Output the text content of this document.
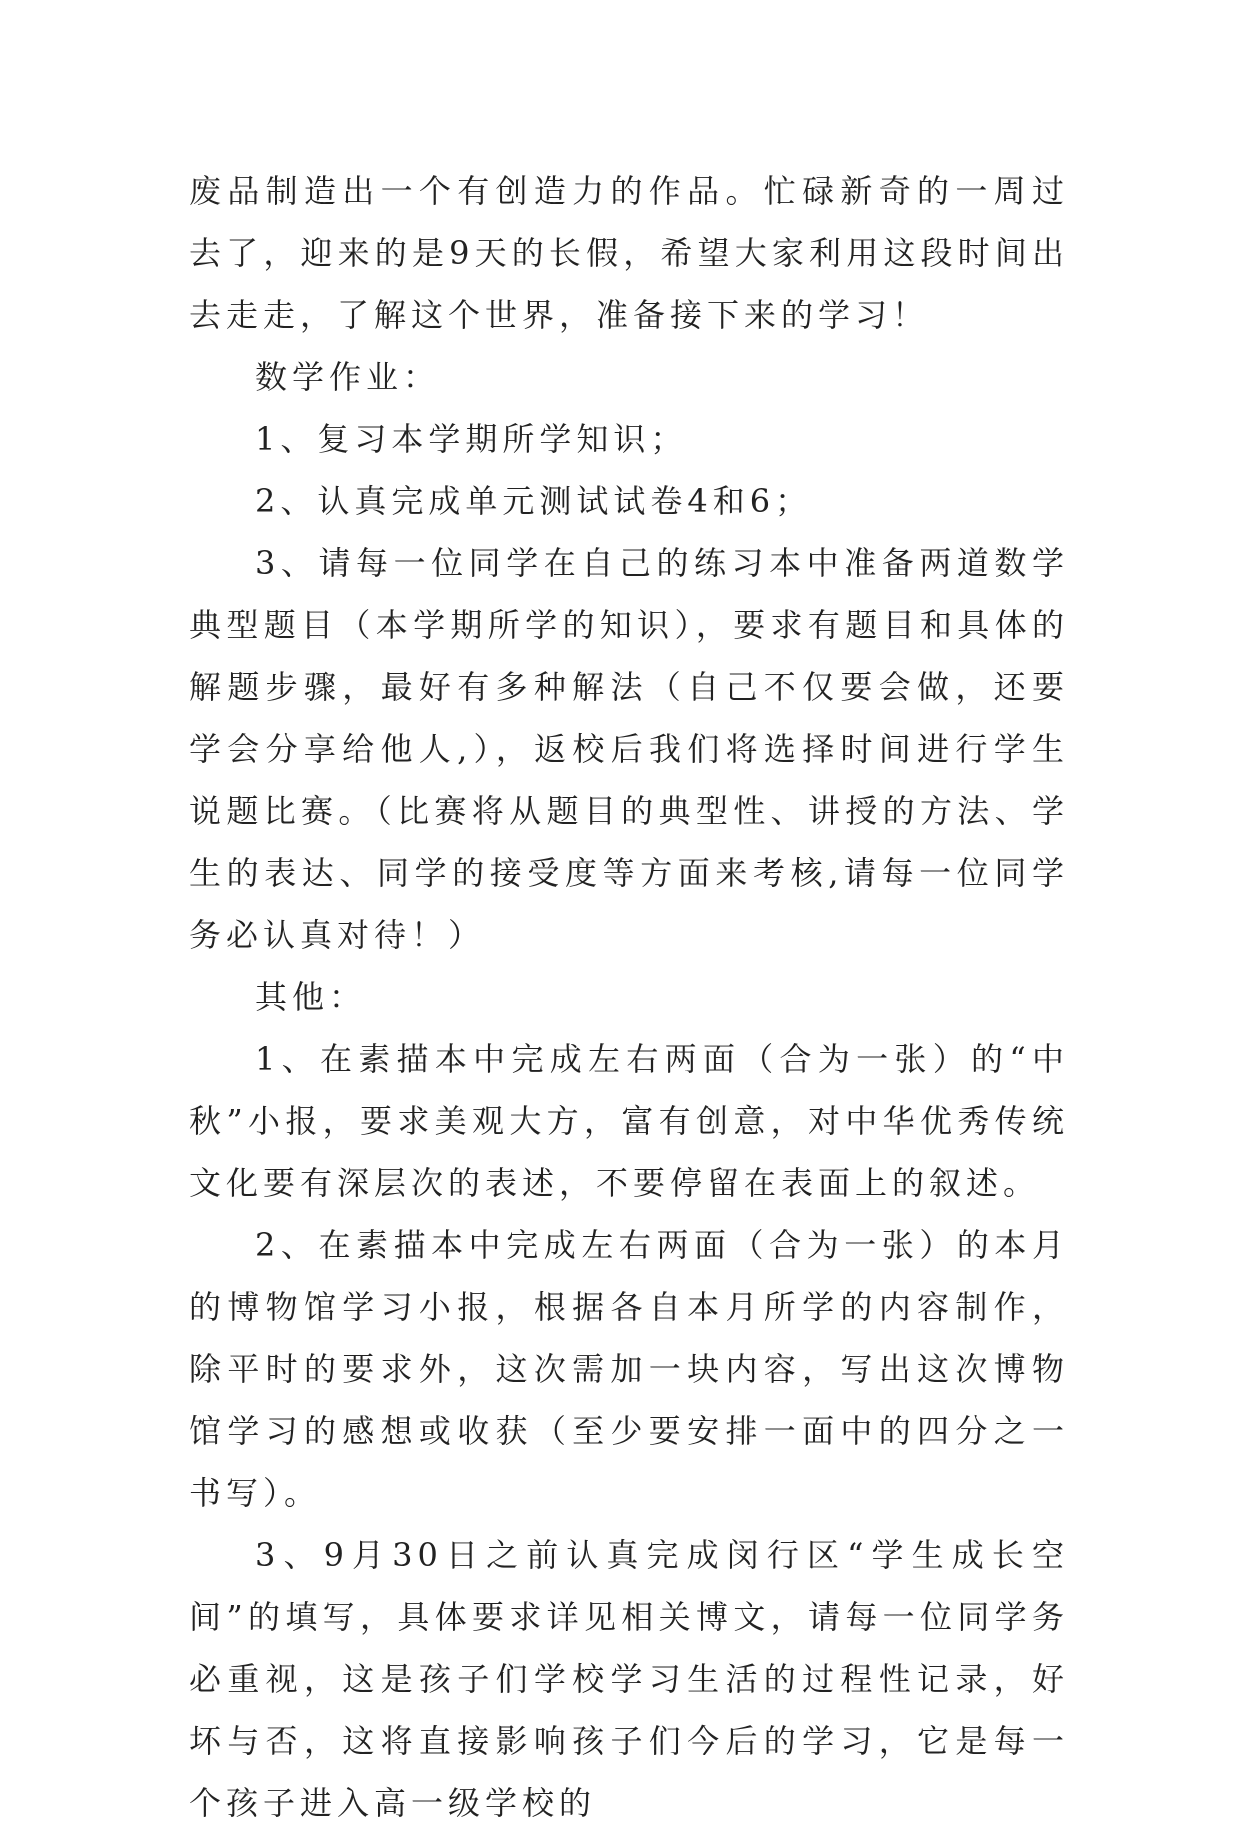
废品制造出一个有创造力的作品。忙碌新奇的一周过去了，迎来的是9天的长假，希望大家利用这段时间出去走走，了解这个世界，准备接下来的学习！

数学作业：

1、复习本学期所学知识；

2、认真完成单元测试试卷4和6；

3、请每一位同学在自己的练习本中准备两道数学典型题目（本学期所学的知识），要求有题目和具体的解题步骤，最好有多种解法（自己不仅要会做，还要学会分享给他人,），返校后我们将选择时间进行学生说题比赛。（比赛将从题目的典型性、讲授的方法、学生的表达、同学的接受度等方面来考核,请每一位同学务必认真对待！）

其他：

1、在素描本中完成左右两面（合为一张）的“中秋”小报，要求美观大方，富有创意，对中华优秀传统文化要有深层次的表述，不要停留在表面上的叙述。

2、在素描本中完成左右两面（合为一张）的本月的博物馆学习小报，根据各自本月所学的内容制作，除平时的要求外，这次需加一块内容，写出这次博物馆学习的感想或收获（至少要安排一面中的四分之一书写）。

3、9月30日之前认真完成闵行区“学生成长空间”的填写，具体要求详见相关博文，请每一位同学务必重视，这是孩子们学校学习生活的过程性记录，好坏与否，这将直接影响孩子们今后的学习，它是每一个孩子进入高一级学校的
